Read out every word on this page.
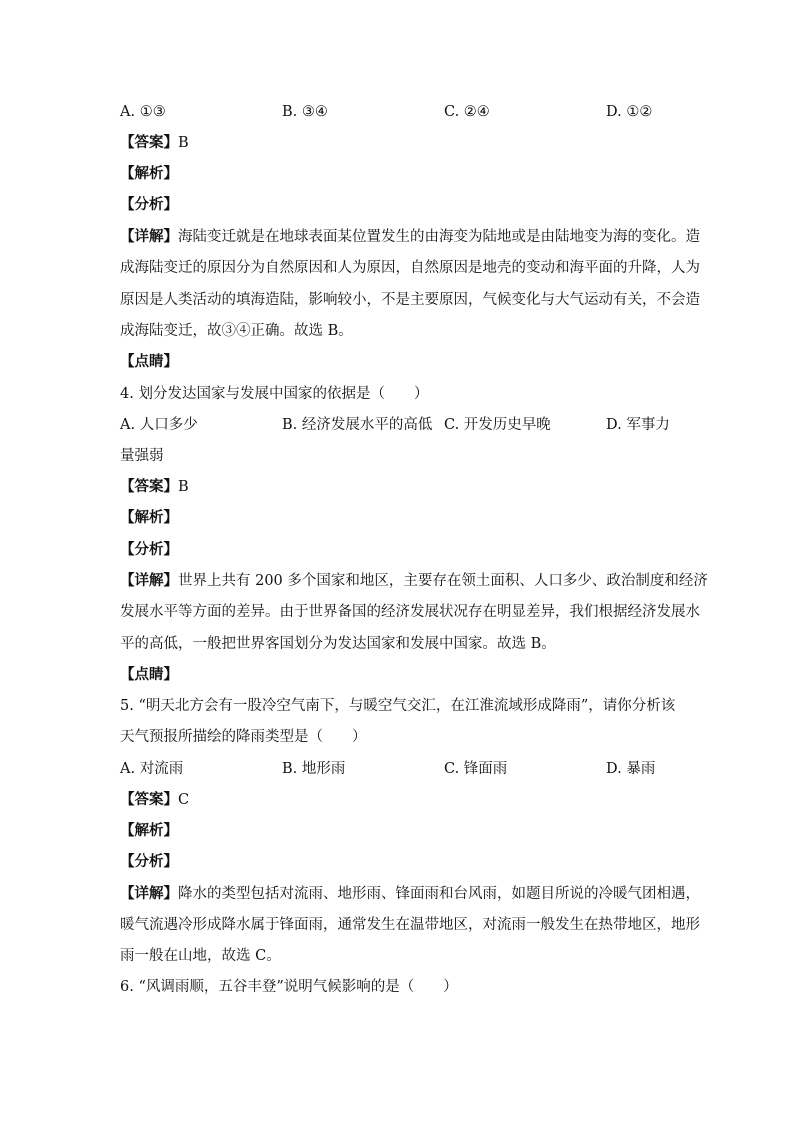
A. ①③	B. ③④	C. ②④	D. ①②
【答案】B
【解析】
【分析】
【详解】海陆变迁就是在地球表面某位置发生的由海变为陆地或是由陆地变为海的变化。造
成海陆变迁的原因分为自然原因和人为原因，自然原因是地壳的变动和海平面的升降，人为
原因是人类活动的填海造陆，影响较小，不是主要原因，气候变化与大气运动有关，不会造
成海陆变迁，故③④正确。故选 B。
【点睛】
4. 划分发达国家与发展中国家的依据是（　　）
A. 人口多少	B. 经济发展水平的高低 C. 开发历史早晚	D. 军事力
量强弱
【答案】B
【解析】
【分析】
【详解】世界上共有 200 多个国家和地区，主要存在领土面积、人口多少、政治制度和经济
发展水平等方面的差异。由于世界备国的经济发展状况存在明显差异，我们根据经济发展水
平的高低，一般把世界客国划分为发达国家和发展中国家。故选 B。
【点睛】
5. “明天北方会有一股冷空气南下，与暖空气交汇，在江淮流域形成降雨”，请你分析该
天气预报所描绘的降雨类型是（　　）
A. 对流雨	B. 地形雨	C. 锋面雨	D. 暴雨
【答案】C
【解析】
【分析】
【详解】降水的类型包括对流雨、地形雨、锋面雨和台风雨，如题目所说的冷暖气团相遇，
暖气流遇冷形成降水属于锋面雨，通常发生在温带地区，对流雨一般发生在热带地区，地形
雨一般在山地，故选 C。
6. “风调雨顺，五谷丰登”说明气候影响的是（　　）
